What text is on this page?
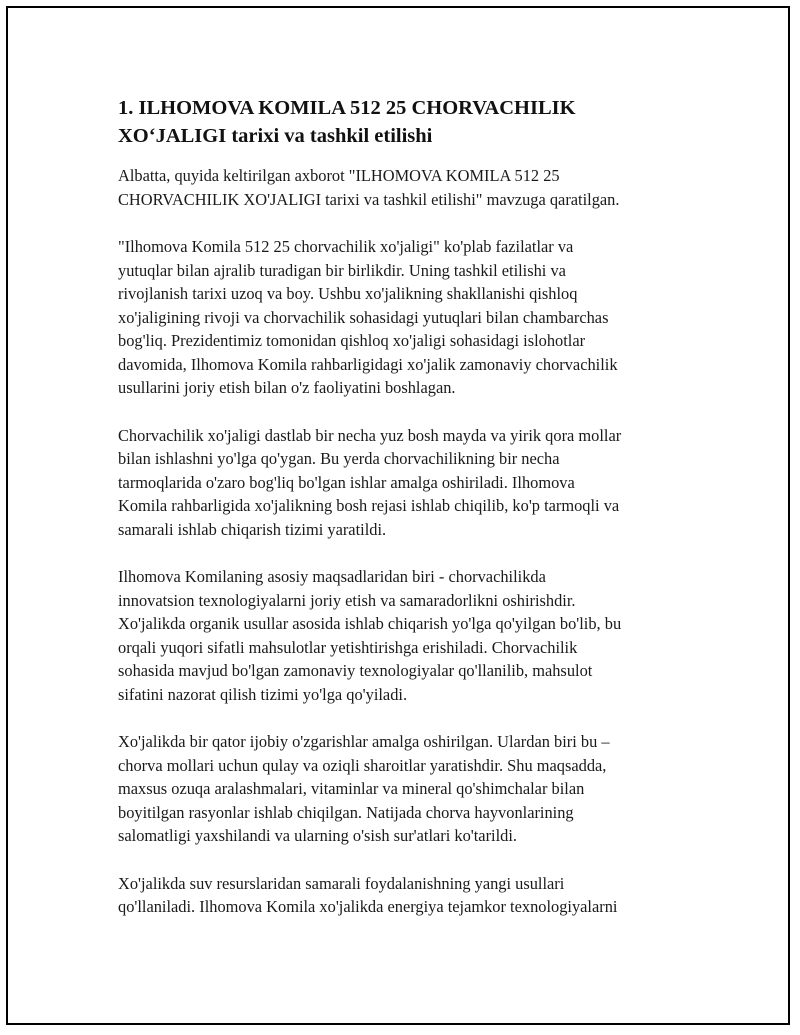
1. ILHOMOVA KOMILA 512 25 CHORVACHILIK
XO‘JALIGI tarixi va tashkil etilishi

Albatta, quyida keltirilgan axborot "ILHOMOVA KOMILA 512 25
CHORVACHILIK XO'JALIGI tarixi va tashkil etilishi" mavzuga qaratilgan.

"Ilhomova Komila 512 25 chorvachilik xo'jaligi" ko'plab fazilatlar va
yutuqlar bilan ajralib turadigan bir birlikdir. Uning tashkil etilishi va
rivojlanish tarixi uzoq va boy. Ushbu xo'jalikning shakllanishi qishloq
xo'jaligining rivoji va chorvachilik sohasidagi yutuqlari bilan chambarchas
bog'liq. Prezidentimiz tomonidan qishloq xo'jaligi sohasidagi islohotlar
davomida, Ilhomova Komila rahbarligidagi xo'jalik zamonaviy chorvachilik
usullarini joriy etish bilan o'z faoliyatini boshlagan.

Chorvachilik xo'jaligi dastlab bir necha yuz bosh mayda va yirik qora mollar
bilan ishlashni yo'lga qo'ygan. Bu yerda chorvachilikning bir necha
tarmoqlarida o'zaro bog'liq bo'lgan ishlar amalga oshiriladi. Ilhomova
Komila rahbarligida xo'jalikning bosh rejasi ishlab chiqilib, ko'p tarmoqli va
samarali ishlab chiqarish tizimi yaratildi.

Ilhomova Komilaning asosiy maqsadlaridan biri - chorvachilikda
innovatsion texnologiyalarni joriy etish va samaradorlikni oshirishdir.
Xo'jalikda organik usullar asosida ishlab chiqarish yo'lga qo'yilgan bo'lib, bu
orqali yuqori sifatli mahsulotlar yetishtirishga erishiladi. Chorvachilik
sohasida mavjud bo'lgan zamonaviy texnologiyalar qo'llanilib, mahsulot
sifatini nazorat qilish tizimi yo'lga qo'yiladi.

Xo'jalikda bir qator ijobiy o'zgarishlar amalga oshirilgan. Ulardan biri bu –
chorva mollari uchun qulay va oziqli sharoitlar yaratishdir. Shu maqsadda,
maxsus ozuqa aralashmalari, vitaminlar va mineral qo'shimchalar bilan
boyitilgan rasyonlar ishlab chiqilgan. Natijada chorva hayvonlarining
salomatligi yaxshilandi va ularning o'sish sur'atlari ko'tarildi.

Xo'jalikda suv resurslaridan samarali foydalanishning yangi usullari
qo'llaniladi. Ilhomova Komila xo'jalikda energiya tejamkor texnologiyalarni
